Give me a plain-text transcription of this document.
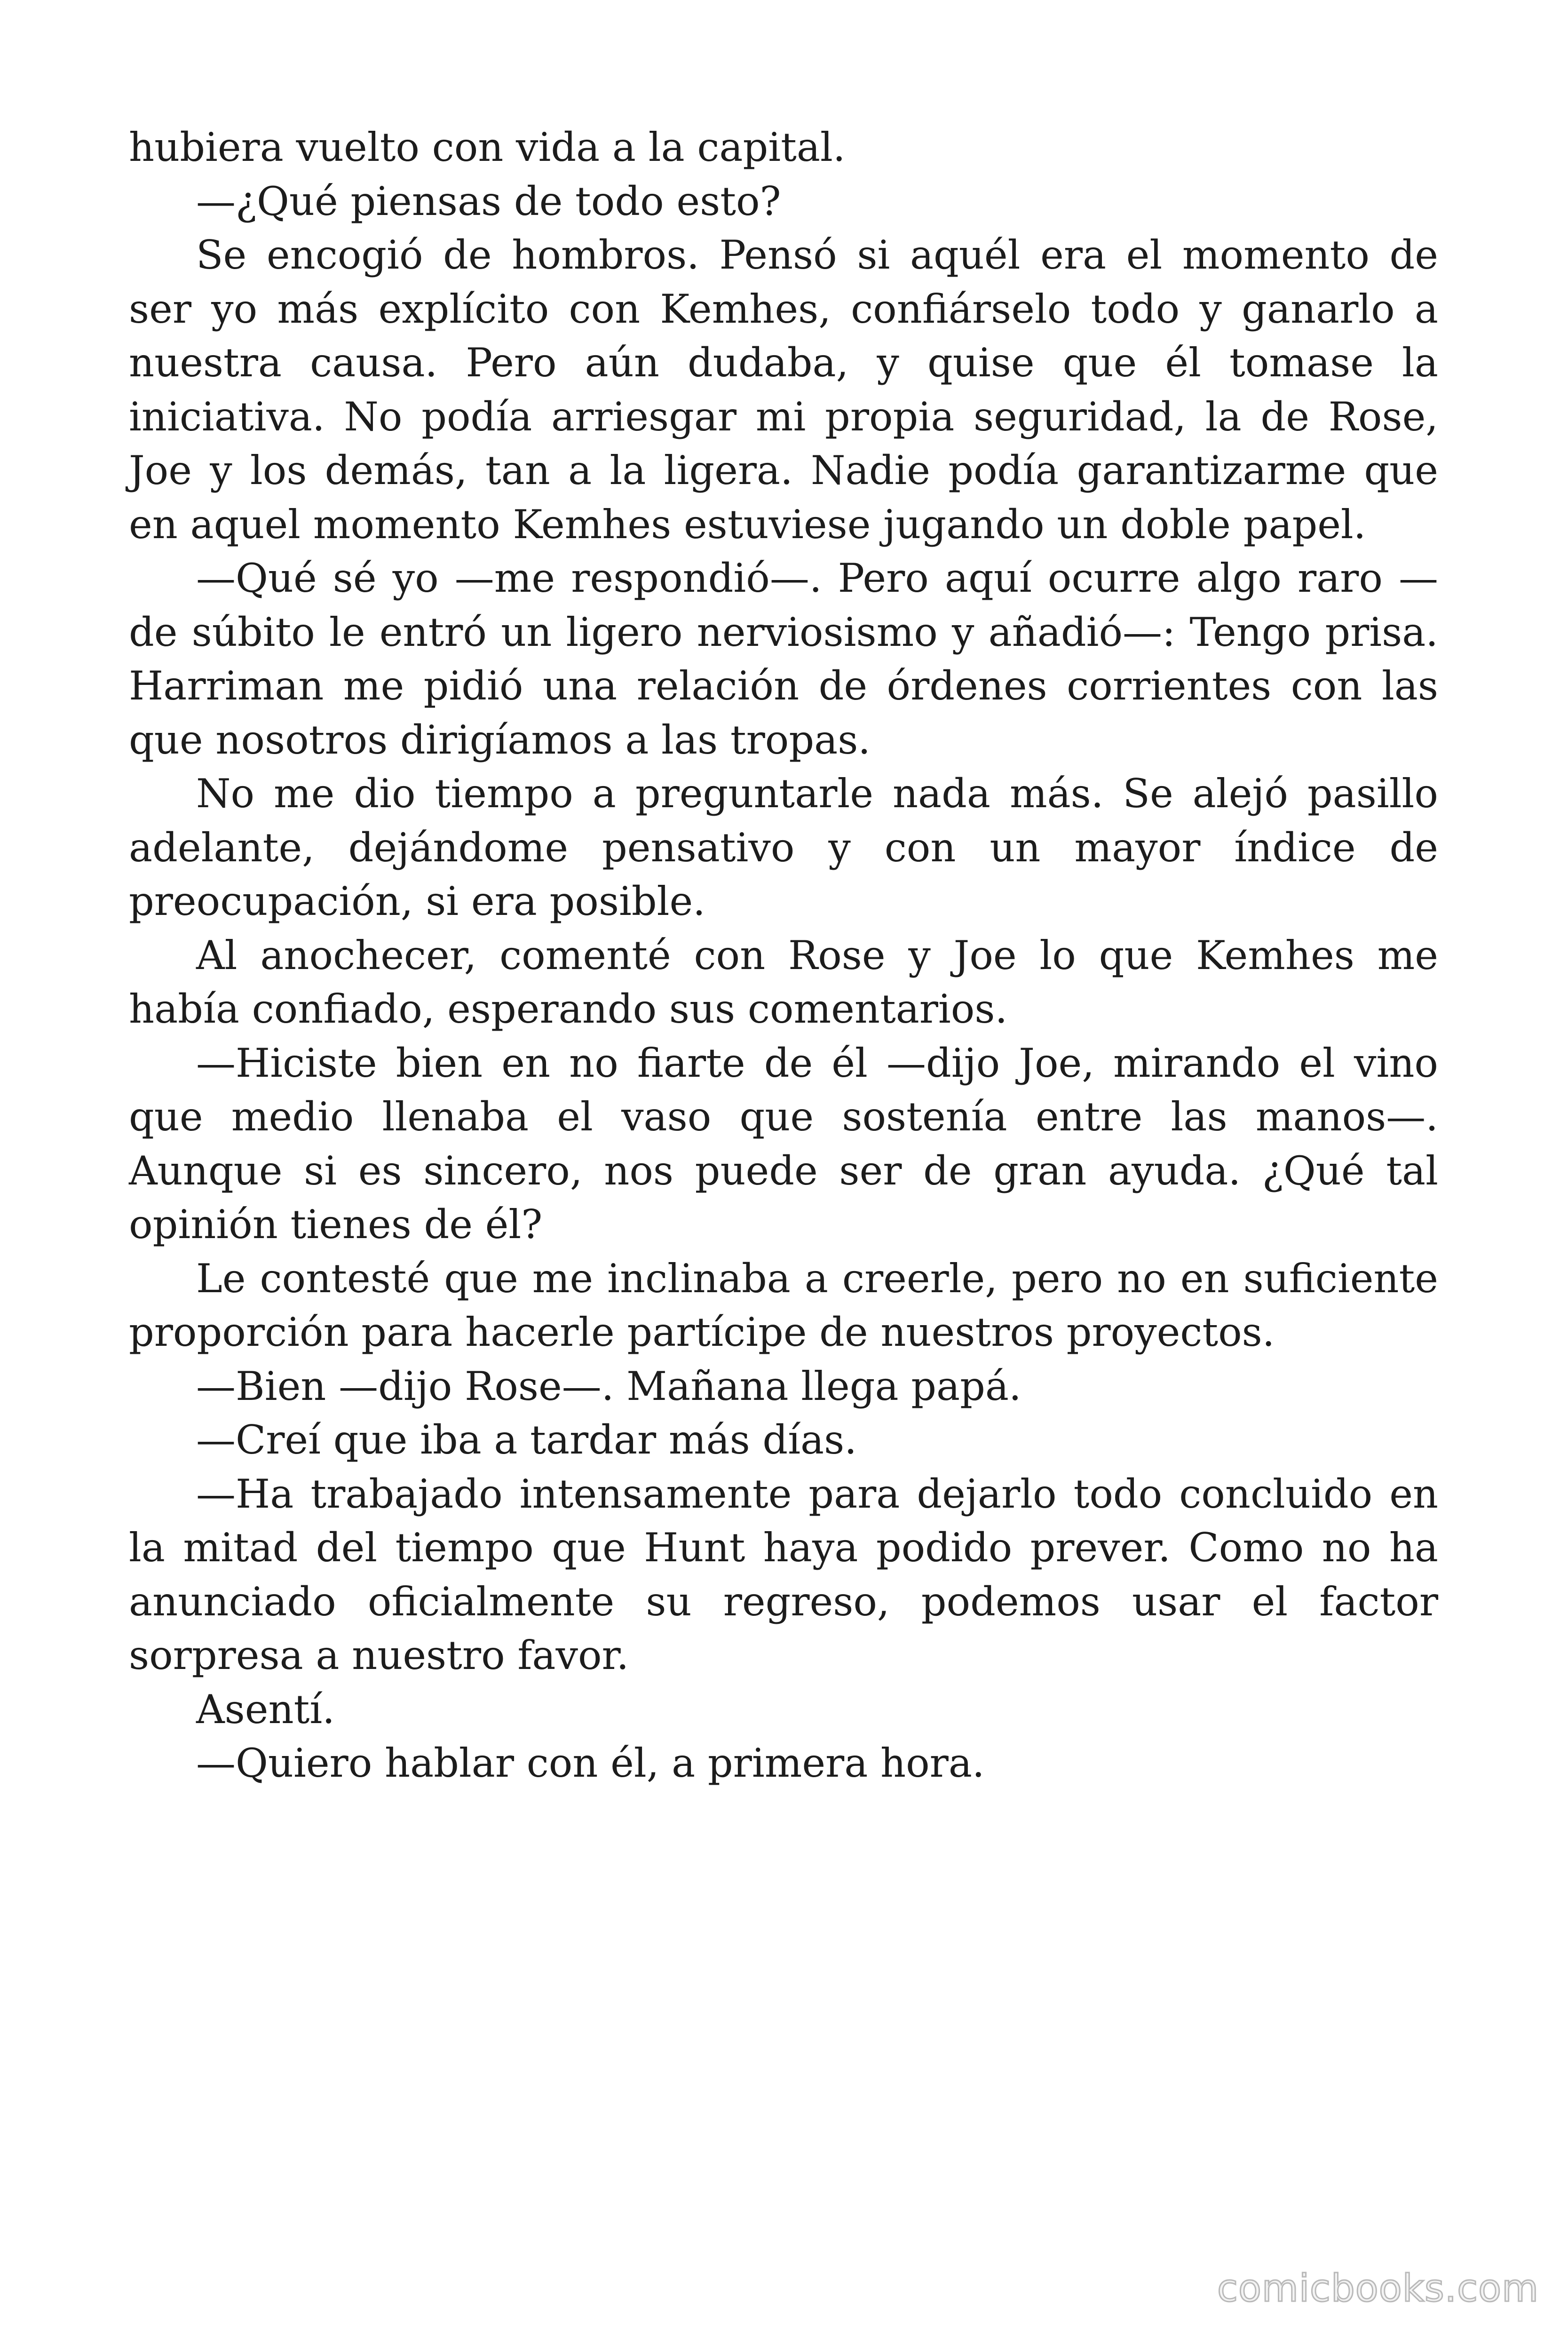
hubiera vuelto con vida a la capital.

—¿Qué piensas de todo esto?

Se encogió de hombros. Pensó si aquél era el momento de ser yo más explícito con Kemhes, confiárselo todo y ganarlo a nuestra causa. Pero aún dudaba, y quise que él tomase la iniciativa. No podía arriesgar mi propia seguridad, la de Rose, Joe y los demás, tan a la ligera. Nadie podía garantizarme que en aquel momento Kemhes estuviese jugando un doble papel.

—Qué sé yo —me respondió—. Pero aquí ocurre algo raro —de súbito le entró un ligero nerviosismo y añadió—: Tengo prisa. Harriman me pidió una relación de órdenes corrientes con las que nosotros dirigíamos a las tropas.

No me dio tiempo a preguntarle nada más. Se alejó pasillo adelante, dejándome pensativo y con un mayor índice de preocupación, si era posible.

Al anochecer, comenté con Rose y Joe lo que Kemhes me había confiado, esperando sus comentarios.

—Hiciste bien en no fiarte de él —dijo Joe, mirando el vino que medio llenaba el vaso que sostenía entre las manos—. Aunque si es sincero, nos puede ser de gran ayuda. ¿Qué tal opinión tienes de él?

Le contesté que me inclinaba a creerle, pero no en suficiente proporción para hacerle partícipe de nuestros proyectos.

—Bien —dijo Rose—. Mañana llega papá.

—Creí que iba a tardar más días.

—Ha trabajado intensamente para dejarlo todo concluido en la mitad del tiempo que Hunt haya podido prever. Como no ha anunciado oficialmente su regreso, podemos usar el factor sorpresa a nuestro favor.

Asentí.

—Quiero hablar con él, a primera hora.

comicbooks.com
